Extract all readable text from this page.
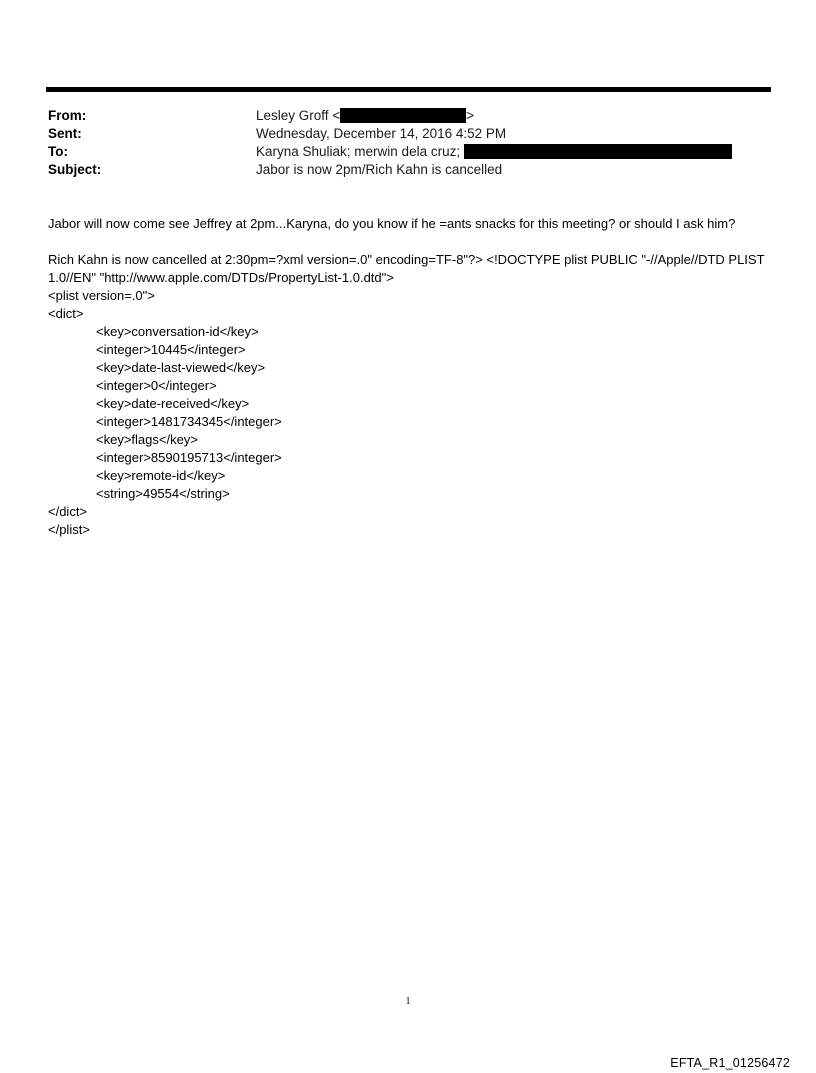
From:	Lesley Groff <	>
Sent:	Wednesday, December 14, 2016 4:52 PM
To:	Karyna Shuliak; merwin dela cruz;
Subject:	Jabor is now 2pm/Rich Kahn is cancelled

Jabor will now come see Jeffrey at 2pm...Karyna, do you know if he =ants snacks for this meeting? or should I ask him?

Rich Kahn is now cancelled at 2:30pm=?xml version=.0" encoding=TF-8"?> <!DOCTYPE plist PUBLIC "-//Apple//DTD PLIST

1.0//EN" "http://www.apple.com/DTDs/PropertyList-1.0.dtd">

<plist version=.0">

<dict>

<key>conversation-id</key>

<integer>10445</integer>

<key>date-last-viewed</key>

<integer>0</integer>

<key>date-received</key>

<integer>1481734345</integer>

<key>flags</key>

<integer>8590195713</integer>

<key>remote-id</key>

<string>49554</string>

</dict>

</plist>

1
EFTA_R1_01256472
